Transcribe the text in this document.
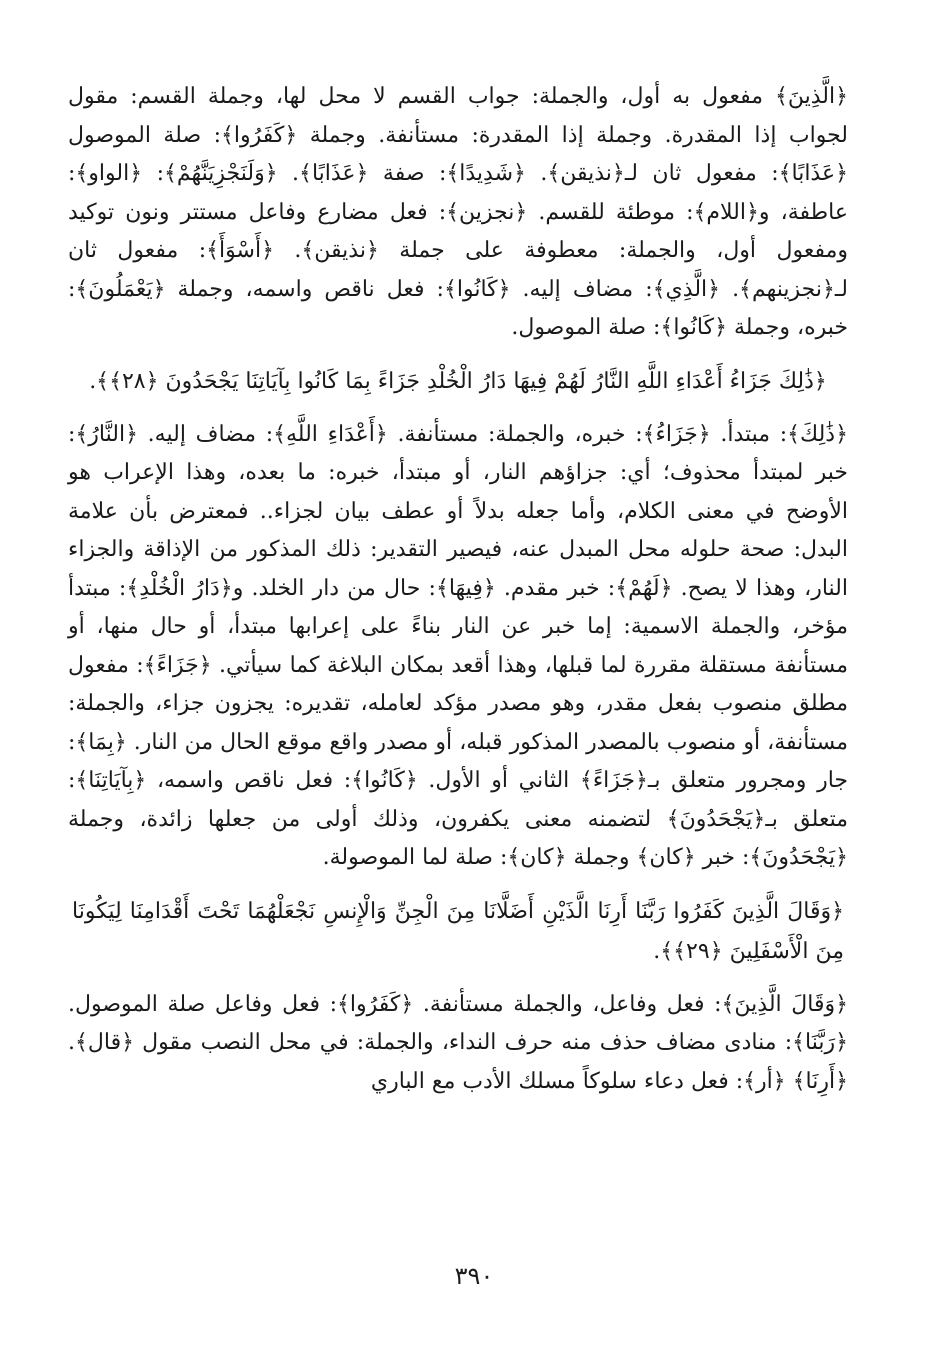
﴿الَّذِينَ﴾ مفعول به أول، والجملة: جواب القسم لا محل لها، وجملة القسم: مقول لجواب إذا المقدرة. وجملة إذا المقدرة: مستأنفة. وجملة ﴿كَفَرُوا﴾: صلة الموصول ﴿عَذَابًا﴾: مفعول ثان لـ﴿نذيقن﴾. ﴿شَدِيدًا﴾: صفة ﴿عَذَابًا﴾. ﴿وَلَنَجْزِيَنَّهُمْ﴾: ﴿الواو﴾: عاطفة، و﴿اللام﴾: موطئة للقسم. ﴿نجزين﴾: فعل مضارع وفاعل مستتر ونون توكيد ومفعول أول، والجملة: معطوفة على جملة ﴿نذيقن﴾. ﴿أَسْوَأَ﴾: مفعول ثان لـ﴿نجزينهم﴾. ﴿الَّذِي﴾: مضاف إليه. ﴿كَانُوا﴾: فعل ناقص واسمه، وجملة ﴿يَعْمَلُونَ﴾: خبره، وجملة ﴿كَانُوا﴾: صلة الموصول.

﴿ذَٰلِكَ جَزَاءُ أَعْدَاءِ اللَّهِ النَّارُ لَهُمْ فِيهَا دَارُ الْخُلْدِ جَزَاءً بِمَا كَانُوا بِآيَاتِنَا يَجْحَدُونَ ﴿٢٨﴾﴾.

﴿ذَٰلِكَ﴾: مبتدأ. ﴿جَزَاءُ﴾: خبره، والجملة: مستأنفة. ﴿أَعْدَاءِ اللَّهِ﴾: مضاف إليه. ﴿النَّارُ﴾: خبر لمبتدأ محذوف؛ أي: جزاؤهم النار، أو مبتدأ، خبره: ما بعده، وهذا الإعراب هو الأوضح في معنى الكلام، وأما جعله بدلاً أو عطف بيان لجزاء.. فمعترض بأن علامة البدل: صحة حلوله محل المبدل عنه، فيصير التقدير: ذلك المذكور من الإذاقة والجزاء النار، وهذا لا يصح. ﴿لَهُمْ﴾: خبر مقدم. ﴿فِيهَا﴾: حال من دار الخلد. و﴿دَارُ الْخُلْدِ﴾: مبتدأ مؤخر، والجملة الاسمية: إما خبر عن النار بناءً على إعرابها مبتدأ، أو حال منها، أو مستأنفة مستقلة مقررة لما قبلها، وهذا أقعد بمكان البلاغة كما سيأتي. ﴿جَزَاءً﴾: مفعول مطلق منصوب بفعل مقدر، وهو مصدر مؤكد لعامله، تقديره: يجزون جزاء، والجملة: مستأنفة، أو منصوب بالمصدر المذكور قبله، أو مصدر واقع موقع الحال من النار. ﴿بِمَا﴾: جار ومجرور متعلق بـ﴿جَزَاءً﴾ الثاني أو الأول. ﴿كَانُوا﴾: فعل ناقص واسمه، ﴿بِآيَاتِنَا﴾: متعلق بـ﴿يَجْحَدُونَ﴾ لتضمنه معنى يكفرون، وذلك أولى من جعلها زائدة، وجملة ﴿يَجْحَدُونَ﴾: خبر ﴿كان﴾ وجملة ﴿كان﴾: صلة لما الموصولة.

﴿وَقَالَ الَّذِينَ كَفَرُوا رَبَّنَا أَرِنَا الَّذَيْنِ أَضَلَّانَا مِنَ الْجِنِّ وَالْإِنسِ نَجْعَلْهُمَا تَحْتَ أَقْدَامِنَا لِيَكُونَا مِنَ الْأَسْفَلِينَ ﴿٢٩﴾﴾.

﴿وَقَالَ الَّذِينَ﴾: فعل وفاعل، والجملة مستأنفة. ﴿كَفَرُوا﴾: فعل وفاعل صلة الموصول. ﴿رَبَّنَا﴾: منادى مضاف حذف منه حرف النداء، والجملة: في محل النصب مقول ﴿قال﴾. ﴿أَرِنَا﴾ ﴿أر﴾: فعل دعاء سلوكاً مسلك الأدب مع الباري

٣٩٠
